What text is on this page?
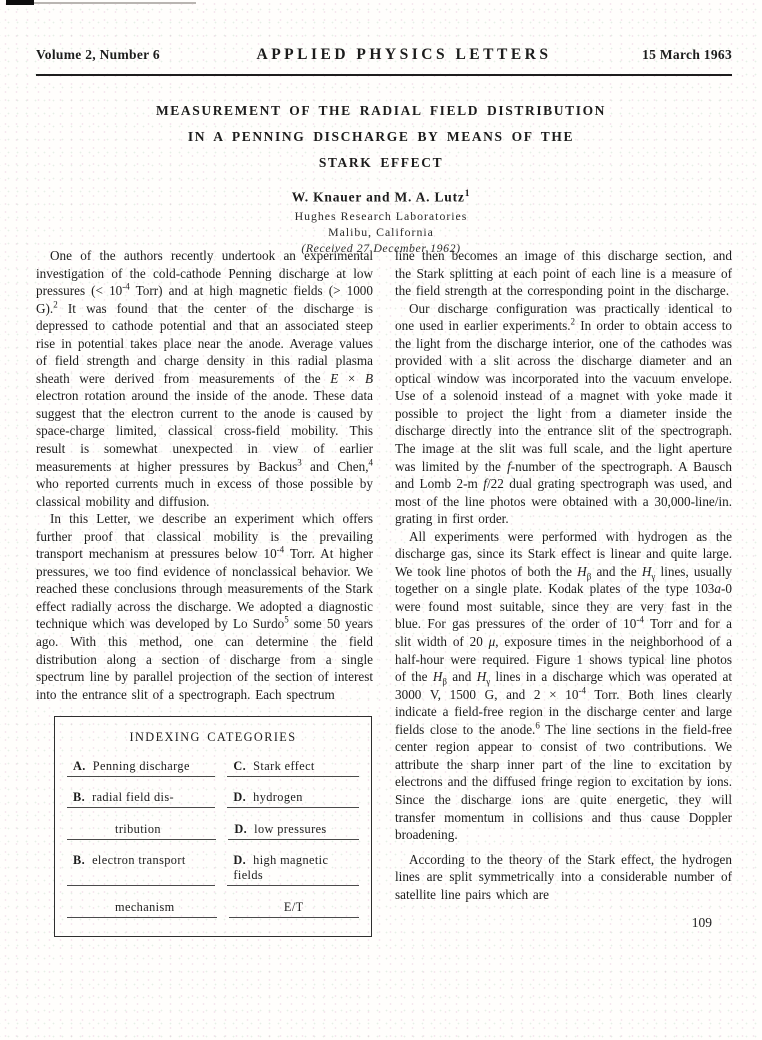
Volume 2, Number 6	APPLIED PHYSICS LETTERS	15 March 1963
MEASUREMENT OF THE RADIAL FIELD DISTRIBUTION
IN A PENNING DISCHARGE BY MEANS OF THE
STARK EFFECT
W. Knauer and M. A. Lutz$^1$
Hughes Research Laboratories
Malibu, California
(Received 27 December 1962)

One of the authors recently undertook an experimental investigation of the cold-cathode Penning discharge at low pressures (< $10^{-4}$ Torr) and at high magnetic fields (> 1000 G).$^2$ It was found that the center of the discharge is depressed to cathode potential and that an associated steep rise in potential takes place near the anode. Average values of field strength and charge density in this radial plasma sheath were derived from measurements of the E × B electron rotation around the inside of the anode. These data suggest that the electron current to the anode is caused by space-charge limited, classical cross-field mobility. This result is somewhat unexpected in view of earlier measurements at higher pressures by Backus$^3$ and Chen,$^4$ who reported currents much in excess of those possible by classical mobility and diffusion.

In this Letter, we describe an experiment which offers further proof that classical mobility is the prevailing transport mechanism at pressures below $10^{-4}$ Torr. At higher pressures, we too find evidence of nonclassical behavior. We reached these conclusions through measurements of the Stark effect radially across the discharge. We adopted a diagnostic technique which was developed by Lo Surdo$^5$ some 50 years ago. With this method, one can determine the field distribution along a section of discharge from a single spectrum line by parallel projection of the section of interest into the entrance slit of a spectrograph. Each spectrum

INDEXING CATEGORIES
A. Penning discharge	C. Stark effect
B. radial field dis-	D. hydrogen
tribution	D. low pressures
B. electron transport	D. high magnetic fields
mechanism	E/T

line then becomes an image of this discharge section, and the Stark splitting at each point of each line is a measure of the field strength at the corresponding point in the discharge.

Our discharge configuration was practically identical to one used in earlier experiments.$^2$ In order to obtain access to the light from the discharge interior, one of the cathodes was provided with a slit across the discharge diameter and an optical window was incorporated into the vacuum envelope. Use of a solenoid instead of a magnet with yoke made it possible to project the light from a diameter inside the discharge directly into the entrance slit of the spectrograph. The image at the slit was full scale, and the light aperture was limited by the f-number of the spectrograph. A Bausch and Lomb 2-m f/22 dual grating spectrograph was used, and most of the line photos were obtained with a 30,000-line/in. grating in first order.

All experiments were performed with hydrogen as the discharge gas, since its Stark effect is linear and quite large. We took line photos of both the $H_\beta$ and the $H_\gamma$ lines, usually together on a single plate. Kodak plates of the type 103a-0 were found most suitable, since they are very fast in the blue. For gas pressures of the order of $10^{-4}$ Torr and for a slit width of 20 μ, exposure times in the neighborhood of a half-hour were required. Figure 1 shows typical line photos of the $H_\beta$ and $H_\gamma$ lines in a discharge which was operated at 3000 V, 1500 G, and $2 \times 10^{-4}$ Torr. Both lines clearly indicate a field-free region in the discharge center and large fields close to the anode.$^6$ The line sections in the field-free center region appear to consist of two contributions. We attribute the sharp inner part of the line to excitation by electrons and the diffused fringe region to excitation by ions. Since the discharge ions are quite energetic, they will transfer momentum in collisions and thus cause Doppler broadening.

According to the theory of the Stark effect, the hydrogen lines are split symmetrically into a considerable number of satellite line pairs which are

109
